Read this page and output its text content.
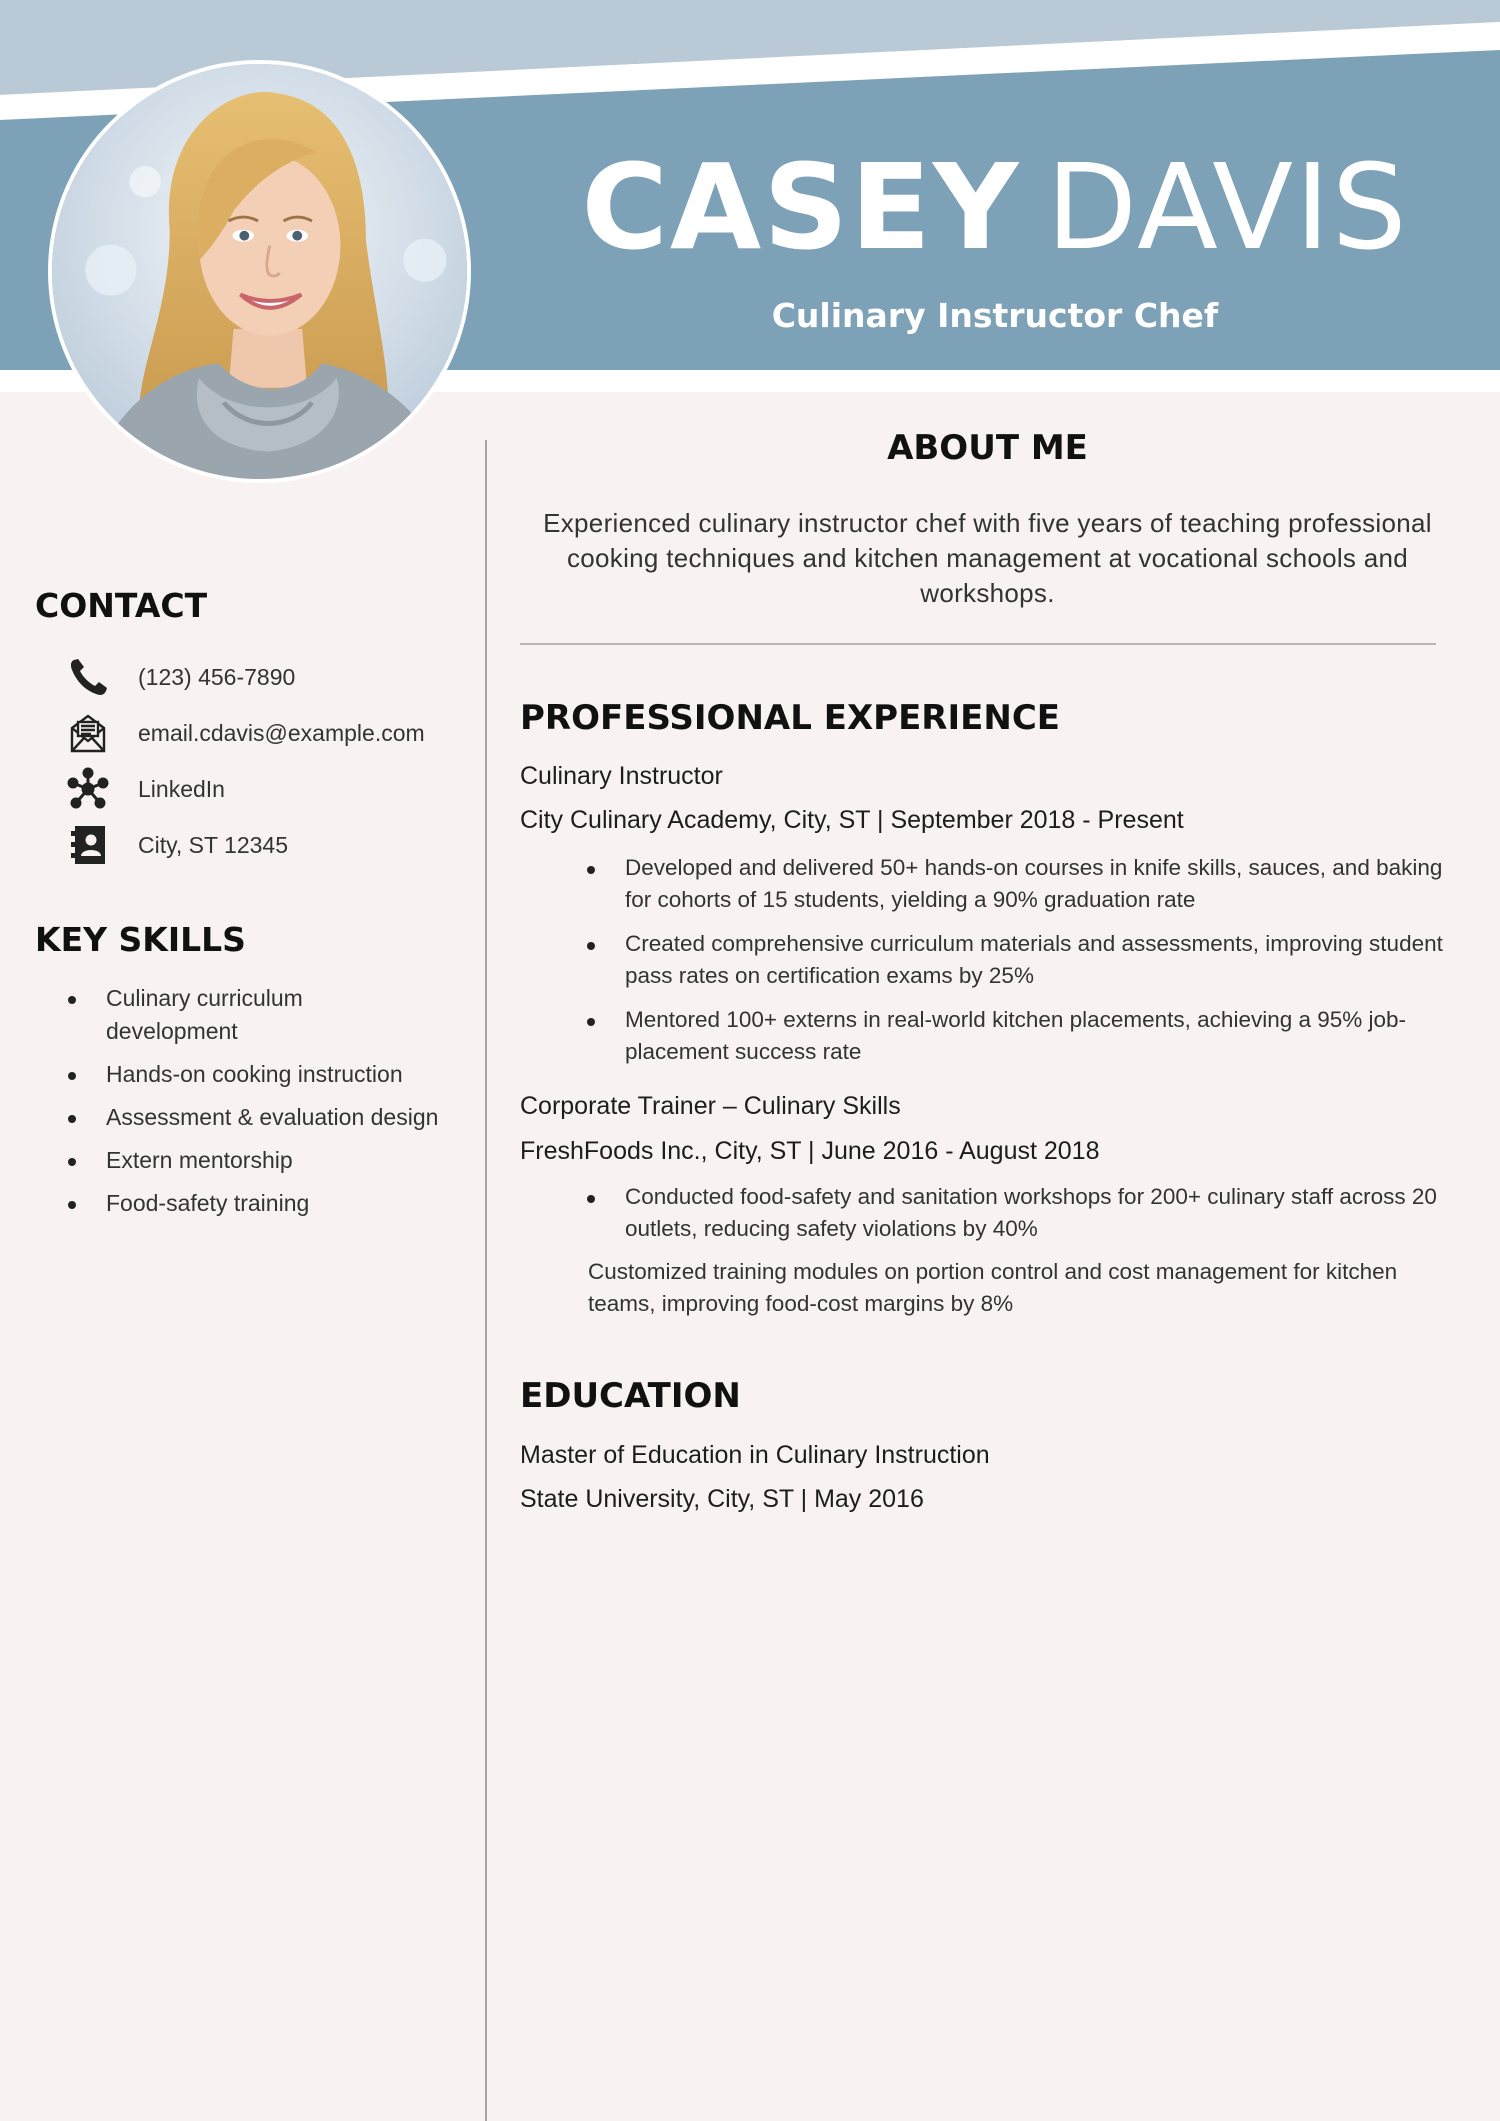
CASEY DAVIS
Culinary Instructor Chef
CONTACT
(123) 456-7890
email.cdavis@example.com
LinkedIn
City, ST 12345
KEY SKILLS
Culinary curriculum development
Hands-on cooking instruction
Assessment & evaluation design
Extern mentorship
Food-safety training
ABOUT ME
Experienced culinary instructor chef with five years of teaching professional cooking techniques and kitchen management at vocational schools and workshops.
PROFESSIONAL EXPERIENCE
Culinary Instructor
City Culinary Academy, City, ST | September 2018 - Present
Developed and delivered 50+ hands-on courses in knife skills, sauces, and baking for cohorts of 15 students, yielding a 90% graduation rate
Created comprehensive curriculum materials and assessments, improving student pass rates on certification exams by 25%
Mentored 100+ externs in real-world kitchen placements, achieving a 95% job-placement success rate
Corporate Trainer – Culinary Skills
FreshFoods Inc., City, ST | June 2016 - August 2018
Conducted food-safety and sanitation workshops for 200+ culinary staff across 20 outlets, reducing safety violations by 40%
Customized training modules on portion control and cost management for kitchen teams, improving food-cost margins by 8%
EDUCATION
Master of Education in Culinary Instruction
State University, City, ST | May 2016
